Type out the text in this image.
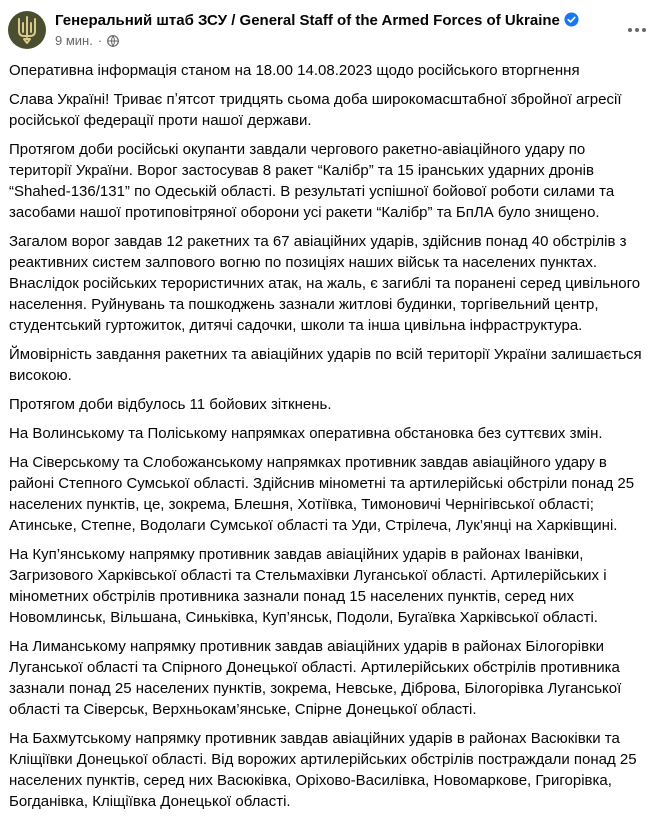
Генеральний штаб ЗСУ / General Staff of the Armed Forces of Ukraine
9 мин. ·

Оперативна інформація станом на 18.00 14.08.2023 щодо російського вторгнення

Слава Україні! Триває пʼятсот тридцять сьома доба широкомасштабної збройної агресії російської федерації проти нашої держави.

Протягом доби російські окупанти завдали чергового ракетно-авіаційного удару по території України. Ворог застосував 8 ракет “Калібр” та 15 іранських ударних дронів “Shahed-136/131” по Одеській області. В результаті успішної бойової роботи силами та засобами нашої протиповітряної оборони усі ракети “Калібр” та БпЛА було знищено.

Загалом ворог завдав 12 ракетних та 67 авіаційних ударів, здійснив понад 40 обстрілів з реактивних систем залпового вогню по позиціях наших військ та населених пунктах. Внаслідок російських терористичних атак, на жаль, є загиблі та поранені серед цивільного населення. Руйнувань та пошкоджень зазнали житлові будинки, торгівельний центр, студентський гуртожиток, дитячі садочки, школи та інша цивільна інфраструктура.

Ймовірність завдання ракетних та авіаційних ударів по всій території України залишається високою.

Протягом доби відбулось 11 бойових зіткнень.

На Волинському та Поліському напрямках оперативна обстановка без суттєвих змін.

На Сіверському та Слобожанському напрямках противник завдав авіаційного удару в районі Степного Сумської області. Здійснив мінометні та артилерійські обстріли понад 25 населених пунктів, це, зокрема, Блешня, Хотіївка, Тимоновичі Чернігівської області; Атинське, Степне, Водолаги Сумської області та Уди, Стрілеча, Лук’янці на Харківщині.

На Куп’янському напрямку противник завдав авіаційних ударів в районах Іванівки, Загризового Харківської області та Стельмахівки Луганської області. Артилерійських і мінометних обстрілів противника зазнали понад 15 населених пунктів, серед них Новомлинськ, Вільшана, Синьківка, Куп’янськ, Подоли, Бугаївка Харківської області.

На Лиманському напрямку противник завдав авіаційних ударів в районах Білогорівки Луганської області та Спірного Донецької області. Артилерійських обстрілів противника зазнали понад 25 населених пунктів, зокрема, Невське, Діброва, Білогорівка Луганської області та Сіверськ, Верхньокам’янське, Спірне Донецької області.

На Бахмутському напрямку противник завдав авіаційних ударів в районах Васюківки та Кліщіївки Донецької області. Від ворожих артилерійських обстрілів постраждали понад 25 населених пунктів, серед них Васюківка, Оріхово-Василівка, Новомаркове, Григорівка, Богданівка, Кліщіївка Донецької області.
